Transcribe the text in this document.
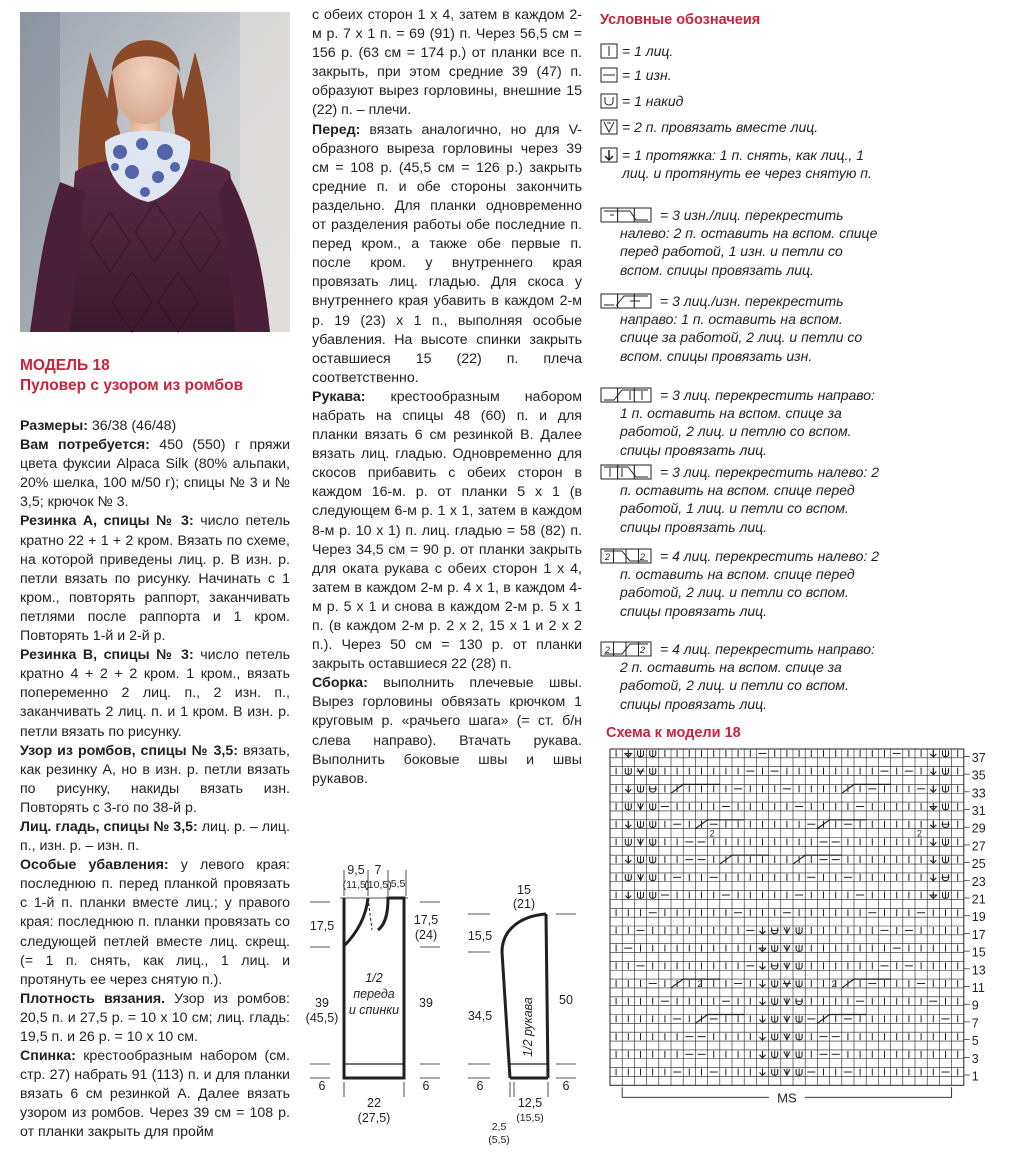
МОДЕЛЬ 18
Пуловер с узором из ромбов

Размеры: 36/38 (46/48)

Вам потребуется: 450 (550) г пряжи цвета фуксии Alpaca Silk (80% альпаки, 20% шелка, 100 м/50 г); спицы № 3 и № 3,5; крючок № 3.

Резинка А, спицы № 3: число петель кратно 22 + 1 + 2 кром. Вязать по схеме, на которой приведены лиц. р. В изн. р. петли вязать по рисунку. Начинать с 1 кром., повторять раппорт, заканчивать петлями после раппорта и 1 кром. Повторять 1-й и 2-й р.

Резинка В, спицы № 3: число петель кратно 4 + 2 + 2 кром. 1 кром., вязать попеременно 2 лиц. п., 2 изн. п., заканчивать 2 лиц. п. и 1 кром. В изн. р. петли вязать по рисунку.

Узор из ромбов, спицы № 3,5: вязать, как резинку А, но в изн. р. петли вязать по рисунку, накиды вязать изн. Повторять с 3-го по 38-й р.

Лиц. гладь, спицы № 3,5: лиц. р. – лиц. п., изн. р. – изн. п.

Особые убавления: у левого края: последнюю п. перед планкой провязать с 1-й п. планки вместе лиц.; у правого края: последнюю п. планки провязать со следующей петлей вместе лиц. скрещ. (= 1 п. снять, как лиц., 1 лиц. и протянуть ее через снятую п.).

Плотность вязания. Узор из ромбов: 20,5 п. и 27,5 р. = 10 х 10 см; лиц. гладь: 19,5 п. и 26 р. = 10 х 10 см.

Спинка: крестообразным набором (см. стр. 27) набрать 91 (113) п. и для планки вязать 6 см резинкой А. Далее вязать узором из ромбов. Через 39 см = 108 р. от планки закрыть для пройм

с обеих сторон 1 х 4, затем в каждом 2-м р. 7 х 1 п. = 69 (91) п. Через 56,5 см = 156 р. (63 см = 174 р.) от планки все п. закрыть, при этом средние 39 (47) п. образуют вырез горловины, внешние 15 (22) п. – плечи.

Перед: вязать аналогично, но для V-образного выреза горловины через 39 см = 108 р. (45,5 см = 126 р.) закрыть средние п. и обе стороны закончить раздельно. Для планки одновременно от разделения работы обе последние п. перед кром., а также обе первые п. после кром. у внутреннего края провязать лиц. гладью. Для скоса у внутреннего края убавить в каждом 2-м р. 19 (23) х 1 п., выполняя особые убавления. На высоте спинки закрыть оставшиеся 15 (22) п. плеча соответственно.

Рукава: крестообразным набором набрать на спицы 48 (60) п. и для планки вязать 6 см резинкой В. Далее вязать лиц. гладью. Одновременно для скосов прибавить с обеих сторон в каждом 16-м. р. от планки 5 х 1 (в следующем 6-м р. 1 х 1, затем в каждом 8-м р. 10 х 1) п. лиц. гладью = 58 (82) п. Через 34,5 см = 90 р. от планки закрыть для оката рукава с обеих сторон 1 х 4, затем в каждом 2-м р. 4 х 1, в каждом 4-м р. 5 х 1 и снова в каждом 2-м р. 5 х 1 п. (в каждом 2-м р. 2 х 2, 15 х 1 и 2 х 2 п.). Через 50 см = 130 р. от планки закрыть оставшиеся 22 (28) п.

Сборка: выполнить плечевые швы. Вырез горловины обвязать крючком 1 круговым р. «рачьего шага» (= ст. б/н слева направо). Втачать рукава. Выполнить боковые швы и швы рукавов.

Условные обозначеия
= 1 лиц.
= 1 изн.
= 1 накид
= 2 п. провязать вместе лиц.
= 1 протяжка: 1 п. снять, как лиц., 1 лиц. и протянуть ее через снятую п.
= 3 изн./лиц. перекрестить налево: 2 п. оставить на вспом. спице перед работой, 1 изн. и петли со вспом. спицы провязать лиц.
= 3 лиц./изн. перекрестить направо: 1 п. оставить на вспом. спице за работой, 2 лиц. и петли со вспом. спицы провязать изн.
= 3 лиц. перекрестить направо: 1 п. оставить на вспом. спице за работой, 2 лиц. и петлю со вспом. спицы провязать лиц.
= 3 лиц. перекрестить налево: 2 п. оставить на вспом. спице перед работой, 1 лиц. и петли со вспом. спицы провязать лиц.
2	2	= 4 лиц. перекрестить налево: 2 п. оставить на вспом. спице перед работой, 2 лиц. и петли со вспом. спицы провязать лиц.
2	2	= 4 лиц. перекрестить направо: 2 п. оставить на вспом. спице за работой, 2 лиц. и петли со вспом. спицы провязать лиц.
Схема к модели 18
2	2
2	2
37
35
33
31
29
27
25
23
21
19
17
15
13
11
9
7
5
3
1
MS
9,5 7
5,5
(11,5)
(10,5)
17,5
39
(45,5)
6
17,5
(24)
39
6
22
(27,5)
1/2
переда
и спинки
15
(21)
15,5
34,5
6
50
6
12,5
(15,5)
2,5
(5,5)
1/2 рукава
